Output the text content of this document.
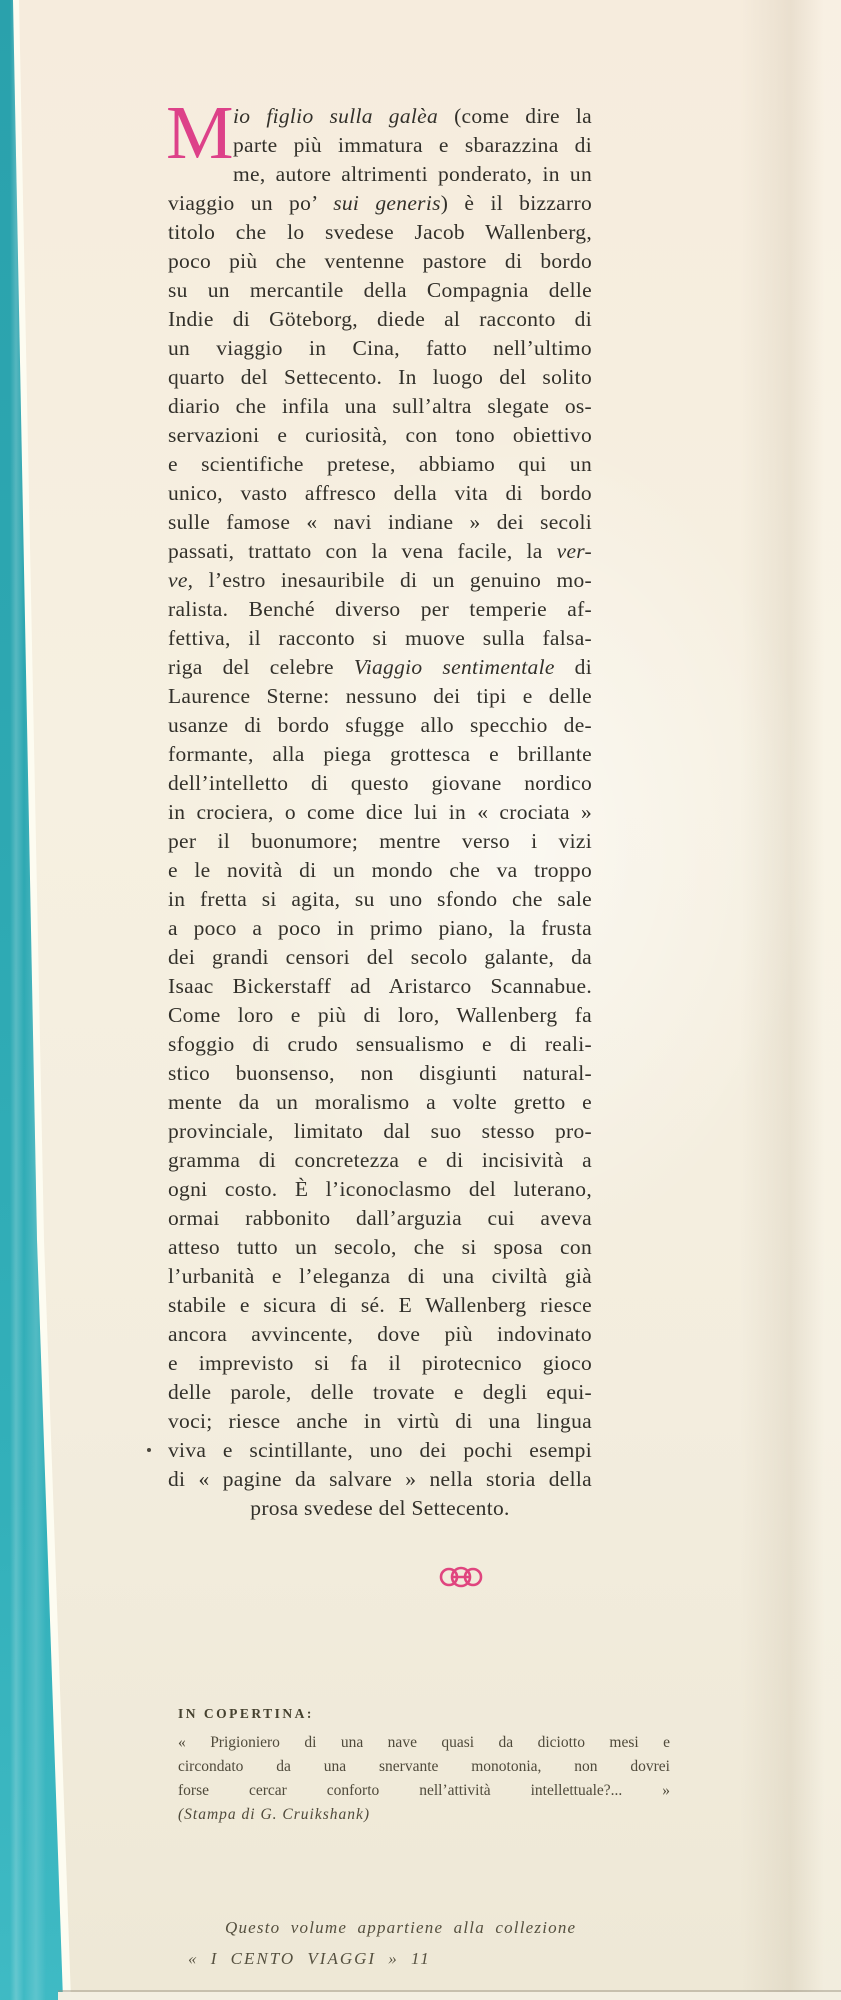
M io figlio sulla galèa (come dire la
parte più immatura e sbarazzina di
me, autore altrimenti ponderato, in un
viaggio un po’ sui generis) è il bizzarro
titolo che lo svedese Jacob Wallenberg,
poco più che ventenne pastore di bordo
su un mercantile della Compagnia delle
Indie di Göteborg, diede al racconto di
un viaggio in Cina, fatto nell’ultimo
quarto del Settecento. In luogo del solito
diario che infila una sull’altra slegate os-
servazioni e curiosità, con tono obiettivo
e scientifiche pretese, abbiamo qui un
unico, vasto affresco della vita di bordo
sulle famose « navi indiane » dei secoli
passati, trattato con la vena facile, la ver-
ve, l’estro inesauribile di un genuino mo-
ralista. Benché diverso per temperie af-
fettiva, il racconto si muove sulla falsa-
riga del celebre Viaggio sentimentale di
Laurence Sterne: nessuno dei tipi e delle
usanze di bordo sfugge allo specchio de-
formante, alla piega grottesca e brillante
dell’intelletto di questo giovane nordico
in crociera, o come dice lui in « crociata »
per il buonumore; mentre verso i vizi
e le novità di un mondo che va troppo
in fretta si agita, su uno sfondo che sale
a poco a poco in primo piano, la frusta
dei grandi censori del secolo galante, da
Isaac Bickerstaff ad Aristarco Scannabue.
Come loro e più di loro, Wallenberg fa
sfoggio di crudo sensualismo e di reali-
stico buonsenso, non disgiunti natural-
mente da un moralismo a volte gretto e
provinciale, limitato dal suo stesso pro-
gramma di concretezza e di incisività a
ogni costo. È l’iconoclasmo del luterano,
ormai rabbonito dall’arguzia cui aveva
atteso tutto un secolo, che si sposa con
l’urbanità e l’eleganza di una civiltà già
stabile e sicura di sé. E Wallenberg riesce
ancora avvincente, dove più indovinato
e imprevisto si fa il pirotecnico gioco
delle parole, delle trovate e degli equi-
voci; riesce anche in virtù di una lingua
viva e scintillante, uno dei pochi esempi
di « pagine da salvare » nella storia della
prosa svedese del Settecento.
IN COPERTINA:
« Prigioniero di una nave quasi da diciotto mesi e
circondato da una snervante monotonia, non dovrei
forse cercar conforto nell’attività intellettuale?... »
(Stampa di G. Cruikshank)
Questo volume appartiene alla collezione
« I CENTO VIAGGI » 11
